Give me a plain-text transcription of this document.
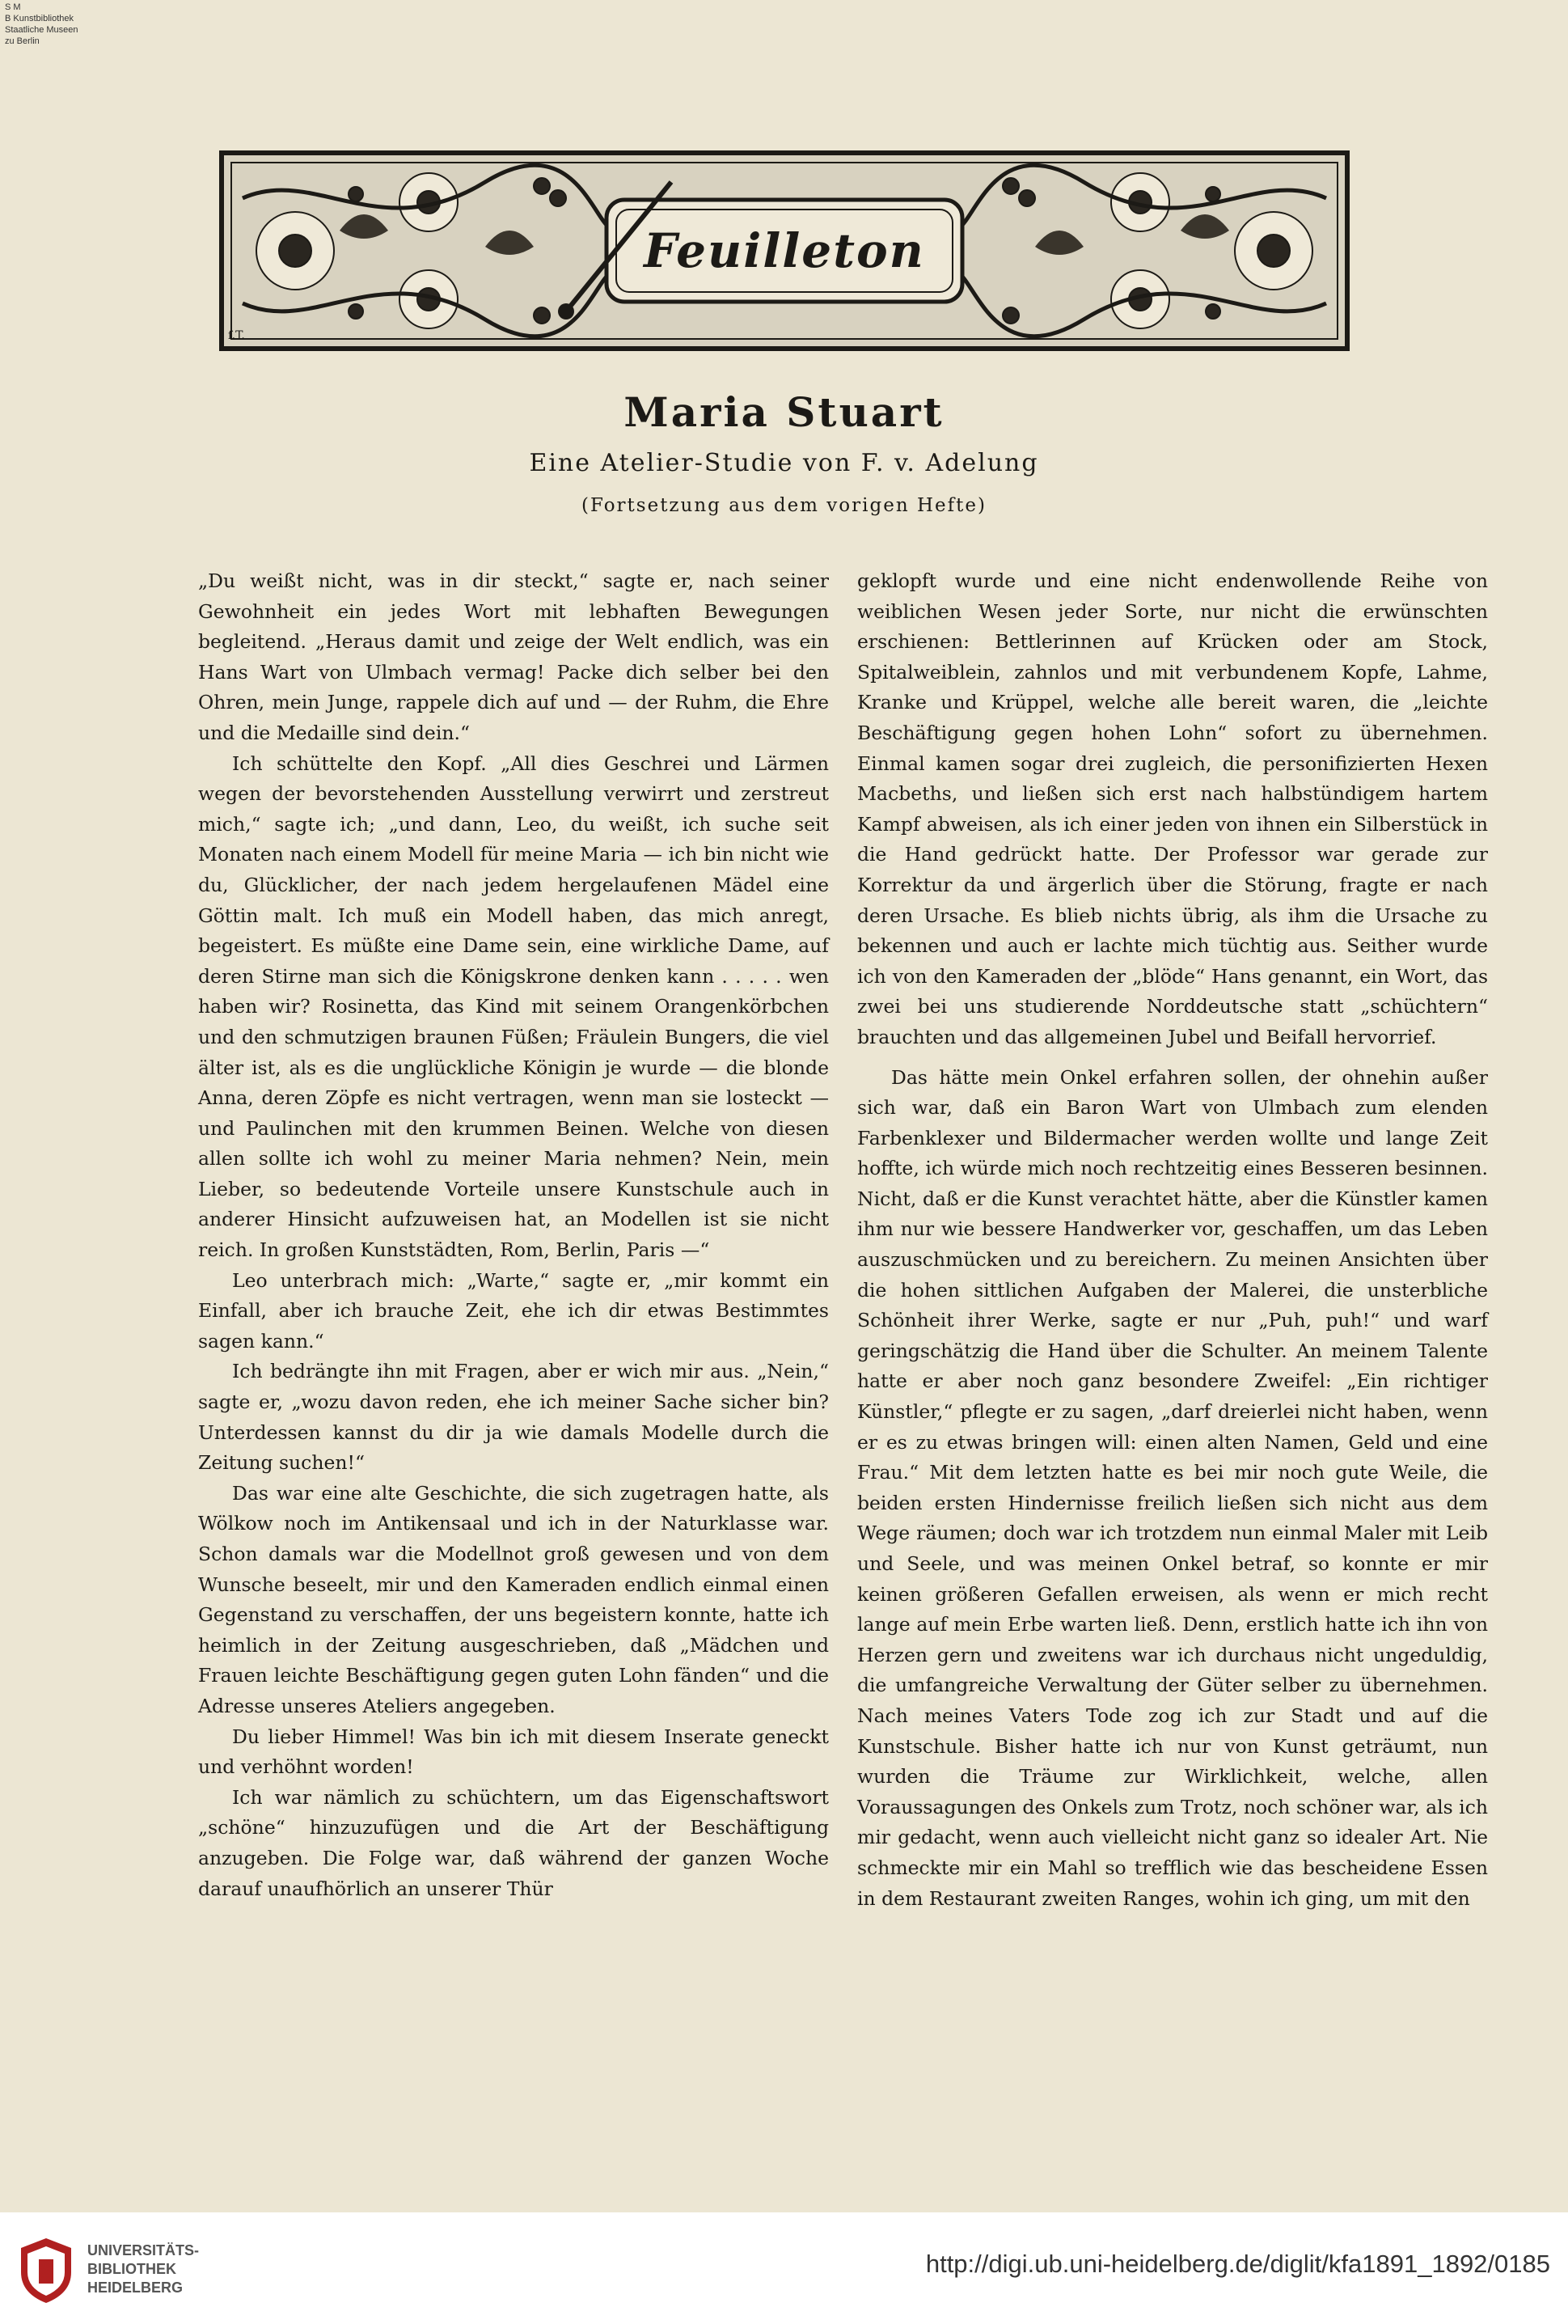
S M
B Kunstbibliothek
Staatliche Museen
zu Berlin
Feuilleton
f.T.
Maria Stuart
Eine Atelier-Studie von F. v. Adelung
(Fortsetzung aus dem vorigen Hefte)

„Du weißt nicht, was in dir steckt,“ sagte er, nach seiner Gewohnheit ein jedes Wort mit lebhaften Bewegungen begleitend. „Heraus damit und zeige der Welt endlich, was ein Hans Wart von Ulmbach vermag! Packe dich selber bei den Ohren, mein Junge, rappele dich auf und — der Ruhm, die Ehre und die Medaille sind dein.“

Ich schüttelte den Kopf. „All dies Geschrei und Lärmen wegen der bevorstehenden Ausstellung verwirrt und zerstreut mich,“ sagte ich; „und dann, Leo, du weißt, ich suche seit Monaten nach einem Modell für meine Maria — ich bin nicht wie du, Glücklicher, der nach jedem hergelaufenen Mädel eine Göttin malt. Ich muß ein Modell haben, das mich anregt, begeistert. Es müßte eine Dame sein, eine wirkliche Dame, auf deren Stirne man sich die Königskrone denken kann . . . . . wen haben wir? Rosinetta, das Kind mit seinem Orangenkörbchen und den schmutzigen braunen Füßen; Fräulein Bungers, die viel älter ist, als es die unglückliche Königin je wurde — die blonde Anna, deren Zöpfe es nicht vertragen, wenn man sie losteckt — und Paulinchen mit den krummen Beinen. Welche von diesen allen sollte ich wohl zu meiner Maria nehmen? Nein, mein Lieber, so bedeutende Vorteile unsere Kunstschule auch in anderer Hinsicht aufzuweisen hat, an Modellen ist sie nicht reich. In großen Kunststädten, Rom, Berlin, Paris —“

Leo unterbrach mich: „Warte,“ sagte er, „mir kommt ein Einfall, aber ich brauche Zeit, ehe ich dir etwas Bestimmtes sagen kann.“

Ich bedrängte ihn mit Fragen, aber er wich mir aus. „Nein,“ sagte er, „wozu davon reden, ehe ich meiner Sache sicher bin? Unterdessen kannst du dir ja wie damals Modelle durch die Zeitung suchen!“

Das war eine alte Geschichte, die sich zugetragen hatte, als Wölkow noch im Antikensaal und ich in der Naturklasse war. Schon damals war die Modellnot groß gewesen und von dem Wunsche beseelt, mir und den Kameraden endlich einmal einen Gegenstand zu verschaffen, der uns begeistern konnte, hatte ich heimlich in der Zeitung ausgeschrieben, daß „Mädchen und Frauen leichte Beschäftigung gegen guten Lohn fänden“ und die Adresse unseres Ateliers angegeben.

Du lieber Himmel! Was bin ich mit diesem Inserate geneckt und verhöhnt worden!

Ich war nämlich zu schüchtern, um das Eigenschaftswort „schöne“ hinzuzufügen und die Art der Beschäftigung anzugeben. Die Folge war, daß während der ganzen Woche darauf unaufhörlich an unserer Thür

geklopft wurde und eine nicht endenwollende Reihe von weiblichen Wesen jeder Sorte, nur nicht die erwünschten erschienen: Bettlerinnen auf Krücken oder am Stock, Spitalweiblein, zahnlos und mit verbundenem Kopfe, Lahme, Kranke und Krüppel, welche alle bereit waren, die „leichte Beschäftigung gegen hohen Lohn“ sofort zu übernehmen. Einmal kamen sogar drei zugleich, die personifizierten Hexen Macbeths, und ließen sich erst nach halbstündigem hartem Kampf abweisen, als ich einer jeden von ihnen ein Silberstück in die Hand gedrückt hatte. Der Professor war gerade zur Korrektur da und ärgerlich über die Störung, fragte er nach deren Ursache. Es blieb nichts übrig, als ihm die Ursache zu bekennen und auch er lachte mich tüchtig aus. Seither wurde ich von den Kameraden der „blöde“ Hans genannt, ein Wort, das zwei bei uns studierende Norddeutsche statt „schüchtern“ brauchten und das allgemeinen Jubel und Beifall hervorrief.

Das hätte mein Onkel erfahren sollen, der ohnehin außer sich war, daß ein Baron Wart von Ulmbach zum elenden Farbenklexer und Bildermacher werden wollte und lange Zeit hoffte, ich würde mich noch rechtzeitig eines Besseren besinnen. Nicht, daß er die Kunst verachtet hätte, aber die Künstler kamen ihm nur wie bessere Handwerker vor, geschaffen, um das Leben auszuschmücken und zu bereichern. Zu meinen Ansichten über die hohen sittlichen Aufgaben der Malerei, die unsterbliche Schönheit ihrer Werke, sagte er nur „Puh, puh!“ und warf geringschätzig die Hand über die Schulter. An meinem Talente hatte er aber noch ganz besondere Zweifel: „Ein richtiger Künstler,“ pflegte er zu sagen, „darf dreierlei nicht haben, wenn er es zu etwas bringen will: einen alten Namen, Geld und eine Frau.“ Mit dem letzten hatte es bei mir noch gute Weile, die beiden ersten Hindernisse freilich ließen sich nicht aus dem Wege räumen; doch war ich trotzdem nun einmal Maler mit Leib und Seele, und was meinen Onkel betraf, so konnte er mir keinen größeren Gefallen erweisen, als wenn er mich recht lange auf mein Erbe warten ließ. Denn, erstlich hatte ich ihn von Herzen gern und zweitens war ich durchaus nicht ungeduldig, die umfangreiche Verwaltung der Güter selber zu übernehmen. Nach meines Vaters Tode zog ich zur Stadt und auf die Kunstschule. Bisher hatte ich nur von Kunst geträumt, nun wurden die Träume zur Wirklichkeit, welche, allen Voraussagungen des Onkels zum Trotz, noch schöner war, als ich mir gedacht, wenn auch vielleicht nicht ganz so idealer Art. Nie schmeckte mir ein Mahl so trefflich wie das bescheidene Essen in dem Restaurant zweiten Ranges, wohin ich ging, um mit den

UNIVERSITÄTS-
BIBLIOTHEK
HEIDELBERG
http://digi.ub.uni-heidelberg.de/diglit/kfa1891_1892/0185
